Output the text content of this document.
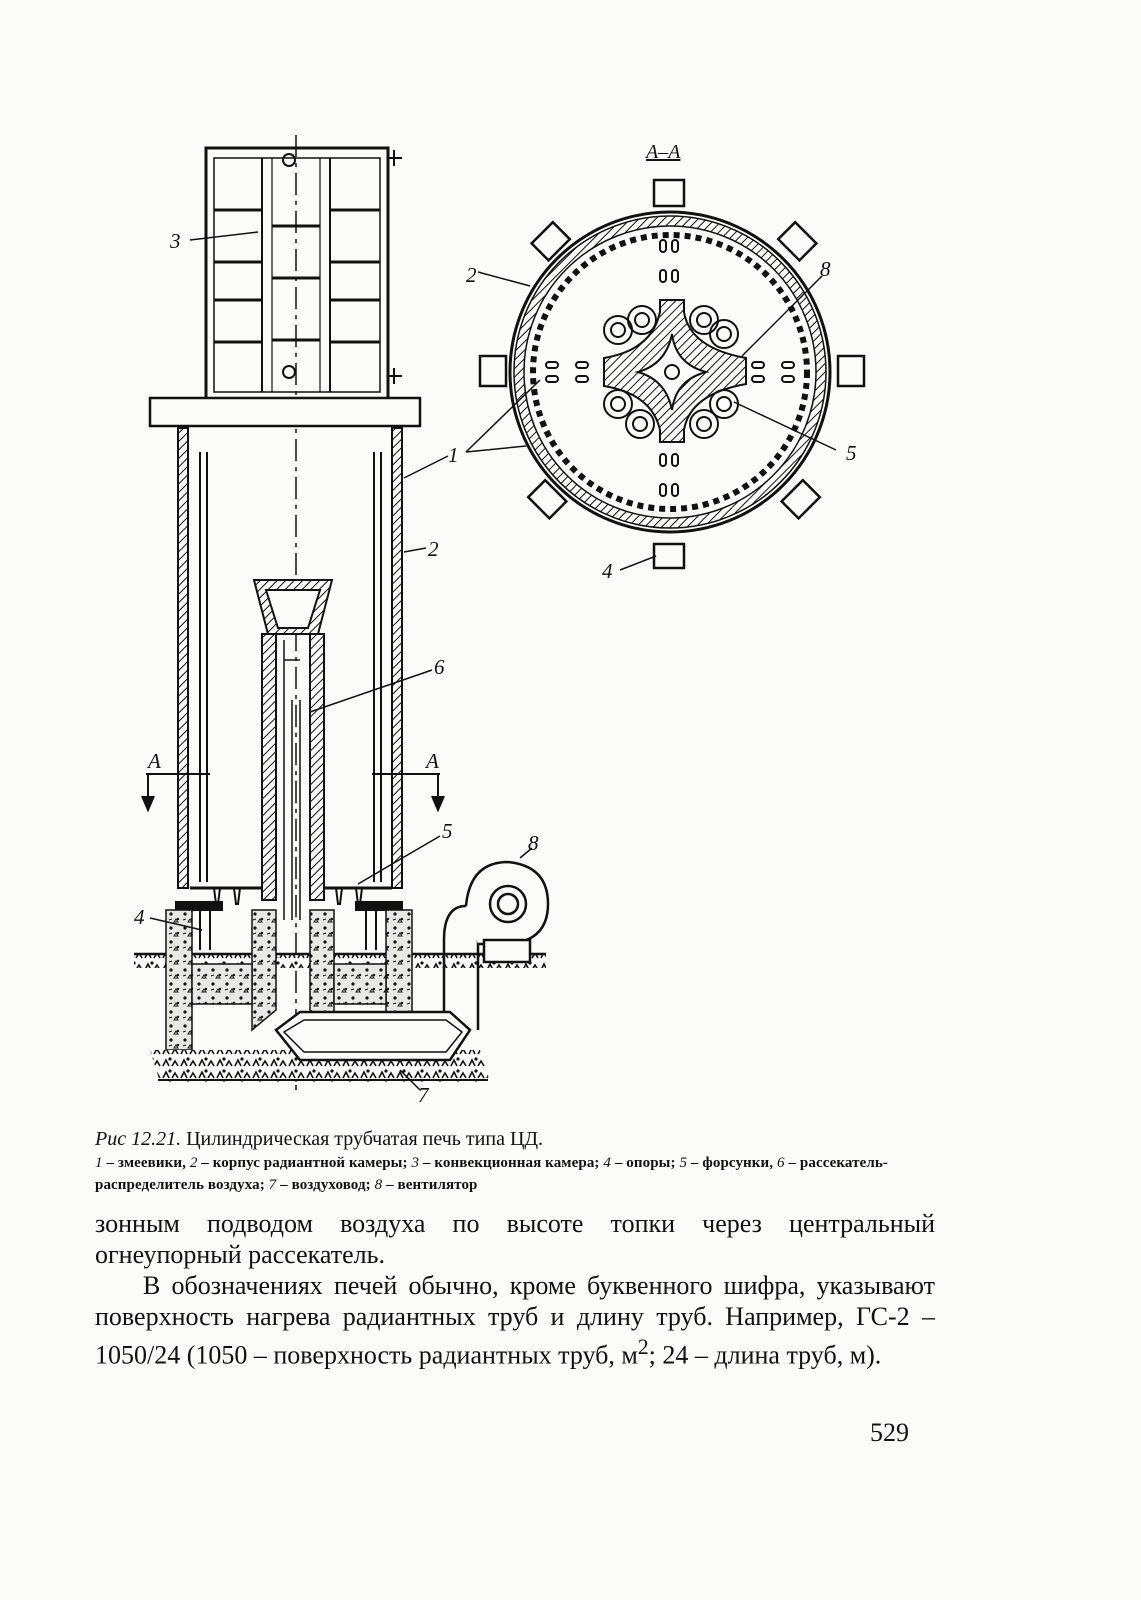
3
1
2
6
A	A
5	8
4
7
A–A
2	8
5
4
Рис 12.21. Цилиндрическая трубчатая печь типа ЦД.
1 – змеевики, 2 – корпус радиантной камеры; 3 – конвекционная камера; 4 – опоры; 5 – форсунки, 6 – рассекатель-распределитель воздуха; 7 – воздуховод; 8 – вентилятор

зонным подводом воздуха по высоте топки через центральный огнеупорный рассекатель.

В обозначениях печей обычно, кроме буквенного шифра, указывают поверхность нагрева радиантных труб и длину труб. Например, ГС-2 – 1050/24 (1050 – поверхность радиантных труб, $м^2$; 24 – длина труб, м).

529
